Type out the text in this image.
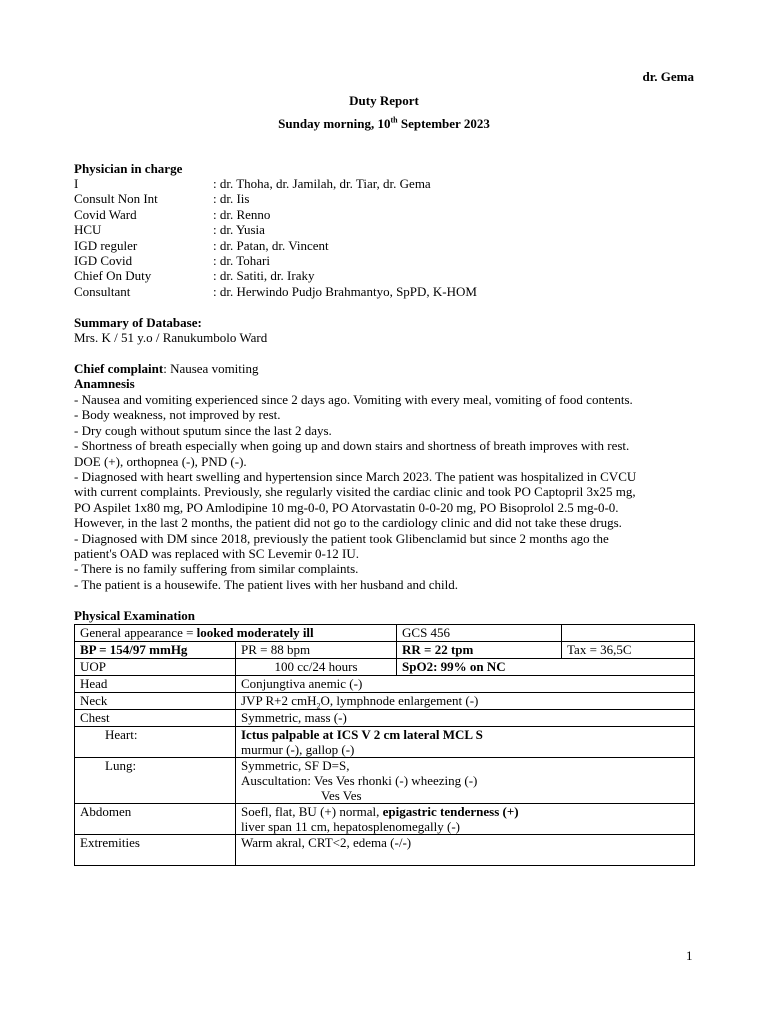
dr. Gema
Duty Report
Sunday morning, 10th September 2023
Physician in charge
I	: dr. Thoha, dr. Jamilah, dr. Tiar, dr. Gema
Consult Non Int	: dr. Iis
Covid Ward	: dr. Renno
HCU	: dr. Yusia
IGD reguler	: dr. Patan, dr. Vincent
IGD Covid	: dr. Tohari
Chief On Duty	: dr. Satiti, dr. Iraky
Consultant	: dr. Herwindo Pudjo Brahmantyo, SpPD, K-HOM
Summary of Database:
Mrs. K / 51 y.o / Ranukumbolo Ward
Chief complaint: Nausea vomiting
Anamnesis
- Nausea and vomiting experienced since 2 days ago. Vomiting with every meal, vomiting of food contents.
- Body weakness, not improved by rest.
- Dry cough without sputum since the last 2 days.
- Shortness of breath especially when going up and down stairs and shortness of breath improves with rest.
DOE (+), orthopnea (-), PND (-).
- Diagnosed with heart swelling and hypertension since March 2023. The patient was hospitalized in CVCU
with current complaints. Previously, she regularly visited the cardiac clinic and took PO Captopril 3x25 mg,
PO Aspilet 1x80 mg, PO Amlodipine 10 mg-0-0, PO Atorvastatin 0-0-20 mg, PO Bisoprolol 2.5 mg-0-0.
However, in the last 2 months, the patient did not go to the cardiology clinic and did not take these drugs.
- Diagnosed with DM since 2018, previously the patient took Glibenclamid but since 2 months ago the
patient's OAD was replaced with SC Levemir 0-12 IU.
- There is no family suffering from similar complaints.
- The patient is a housewife. The patient lives with her husband and child.
Physical Examination
General appearance = looked moderately ill		GCS 456	
BP = 154/97 mmHg	PR = 88 bpm	RR = 22 tpm	Tax = 36,5C
UOP	100 cc/24 hours	SpO2: 99% on NC	
Head	Conjungtiva anemic (-)		
Neck	JVP R+2 cmH$_2$O, lymphnode enlargement (-)		
Chest	Symmetric, mass (-)		
Heart:	Ictus palpable at ICS V 2 cm lateral MCL S
murmur (-), gallop (-)		

Lung:	Symmetric, SF D=S,
Auscultation: Ves Ves rhonki (-) wheezing (-)
Ves Ves		

Abdomen	Soefl, flat, BU (+) normal, epigastric tenderness (+)
liver span 11 cm, hepatosplenomegally (-)		

Extremities	Warm akral, CRT<2, edema (-/-)		
1
